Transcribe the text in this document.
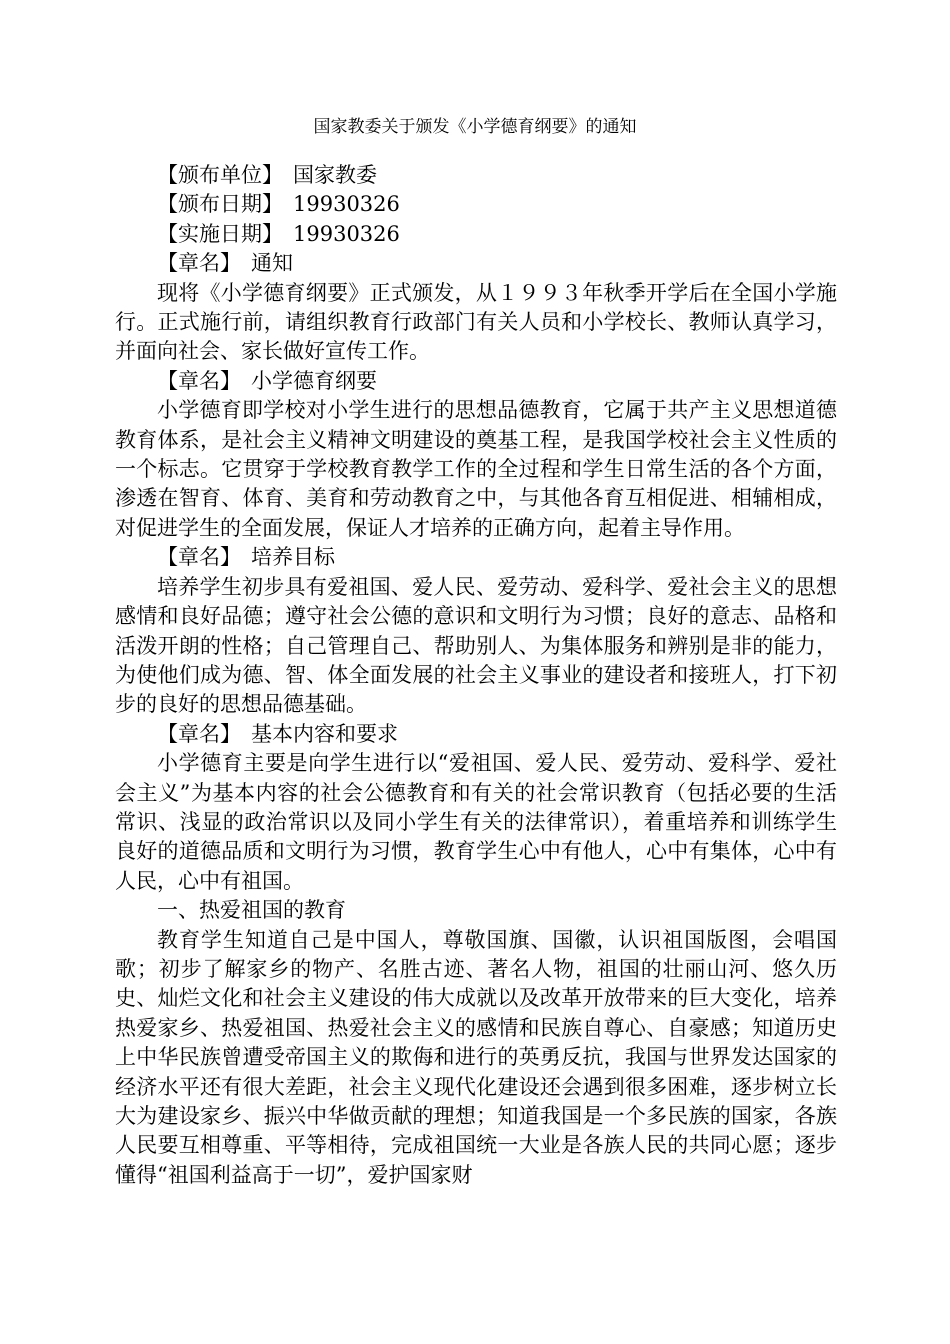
国家教委关于颁发《小学德育纲要》的通知

【颁布单位】 国家教委

【颁布日期】 19930326

【实施日期】 19930326

【章名】 通知

现将《小学德育纲要》正式颁发，从１９９３年秋季开学后在全国小学施行。正式施行前，请组织教育行政部门有关人员和小学校长、教师认真学习，并面向社会、家长做好宣传工作。

【章名】 小学德育纲要

小学德育即学校对小学生进行的思想品德教育，它属于共产主义思想道德教育体系，是社会主义精神文明建设的奠基工程，是我国学校社会主义性质的一个标志。它贯穿于学校教育教学工作的全过程和学生日常生活的各个方面，渗透在智育、体育、美育和劳动教育之中，与其他各育互相促进、相辅相成，对促进学生的全面发展，保证人才培养的正确方向，起着主导作用。

【章名】 培养目标

培养学生初步具有爱祖国、爱人民、爱劳动、爱科学、爱社会主义的思想感情和良好品德；遵守社会公德的意识和文明行为习惯；良好的意志、品格和活泼开朗的性格；自己管理自己、帮助别人、为集体服务和辨别是非的能力，为使他们成为德、智、体全面发展的社会主义事业的建设者和接班人，打下初步的良好的思想品德基础。

【章名】 基本内容和要求

小学德育主要是向学生进行以“爱祖国、爱人民、爱劳动、爱科学、爱社会主义”为基本内容的社会公德教育和有关的社会常识教育（包括必要的生活常识、浅显的政治常识以及同小学生有关的法律常识），着重培养和训练学生良好的道德品质和文明行为习惯，教育学生心中有他人，心中有集体，心中有人民，心中有祖国。

一、热爱祖国的教育

教育学生知道自己是中国人，尊敬国旗、国徽，认识祖国版图，会唱国歌；初步了解家乡的物产、名胜古迹、著名人物，祖国的壮丽山河、悠久历史、灿烂文化和社会主义建设的伟大成就以及改革开放带来的巨大变化，培养热爱家乡、热爱祖国、热爱社会主义的感情和民族自尊心、自豪感；知道历史上中华民族曾遭受帝国主义的欺侮和进行的英勇反抗，我国与世界发达国家的经济水平还有很大差距，社会主义现代化建设还会遇到很多困难，逐步树立长大为建设家乡、振兴中华做贡献的理想；知道我国是一个多民族的国家，各族人民要互相尊重、平等相待，完成祖国统一大业是各族人民的共同心愿；逐步懂得“祖国利益高于一切”，爱护国家财
